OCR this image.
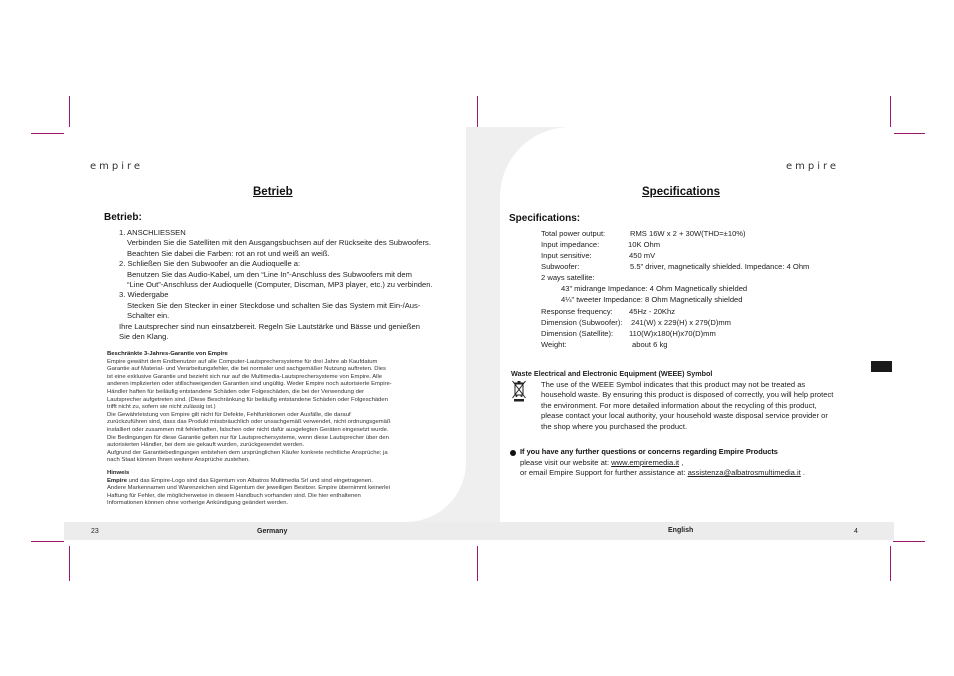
empire
Betrieb
Betrieb:
1. ANSCHLIESSEN
Verbinden Sie die Satelliten mit den Ausgangsbuchsen auf der Rückseite des Subwoofers.
Beachten Sie dabei die Farben: rot an rot und weiß an weiß.
2. Schließen Sie den Subwoofer an die Audioquelle a:
Benutzen Sie das Audio-Kabel, um den “Line In”-Anschluss des Subwoofers mit dem
“Line Out”-Anschluss der Audioquelle (Computer, Discman, MP3 player, etc.) zu verbinden.
3. Wiedergabe
Stecken Sie den Stecker in einer Steckdose und schalten Sie das System mit Ein-/Aus-
Schalter ein.
Ihre Lautsprecher sind nun einsatzbereit. Regeln Sie Lautstärke und Bässe und genießen
Sie den Klang.
Beschränkte 3-Jahres-Garantie von Empire
Empire gewährt dem Endbenutzer auf alle Computer-Lautsprechersysteme für drei Jahre ab Kaufdatum
Garantie auf Material- und Verarbeitungsfehler, die bei normaler und sachgemäßer Nutzung auftreten. Dies
ist eine exklusive Garantie und bezieht sich nur auf die Multimedia-Lautsprechersysteme von Empire. Alle
anderen implizierten oder stillschweigenden Garantien sind ungültig. Weder Empire noch autorisierte Empire-
Händler haften für beiläufig entstandene Schäden oder Folgeschäden, die bei der Verwendung der
Lautsprecher aufgetreten sind. (Diese Beschränkung für beiläufig entstandene Schäden oder Folgeschäden
trifft nicht zu, sofern sie nicht zulässig ist.)
Die Gewährleistung von Empire gilt nicht für Defekte, Fehlfunktionen oder Ausfälle, die darauf
zurückzuführen sind, dass das Produkt missbräuchlich oder unsachgemäß verwendet, nicht ordnungsgemäß
installiert oder zusammen mit fehlerhaften, falschen oder nicht dafür ausgelegten Geräten eingesetzt wurde.
Die Bedingungen für diese Garantie gelten nur für Lautsprechersysteme, wenn diese Lautsprecher über den
autorisierten Händler, bei dem sie gekauft wurden, zurückgesendet werden.
Aufgrund der Garantiebedingungen entstehen dem ursprünglichen Käufer konkrete rechtliche Ansprüche; ja
nach Staat können Ihnen weitere Ansprüche zustehen.
Hinweis
Empire und das Empire-Logo sind das Eigentum von Albatros Multimedia Srl und sind eingetragenen.
Andere Markennamen und Warenzeichen sind Eigentum der jeweiligen Besitzer. Empire übernimmt keinerlei
Haftung für Fehler, die möglicherweise in diesem Handbuch vorhanden sind. Die hier enthaltenen
Informationen können ohne vorherige Ankündigung geändert werden.
23	Germany
empire
Specifications
Specifications:
Total power output:	RMS 16W x 2 + 30W(THD=±10%)
Input impedance:	10K Ohm
Input sensitive:	450 mV
Subwoofer:	5.5” driver, magnetically shielded. Impedance: 4 Ohm
2 ways satellite:
43” midrange Impedance: 4 Ohm Magnetically shielded
4¼” tweeter Impedance: 8 Ohm Magnetically shielded
Response frequency: 45Hz - 20Khz
Dimension (Subwoofer): 241(W) x 229(H) x 279(D)mm
Dimension (Satellite): 110(W)x180(H)x70(D)mm
Weight:	about 6 kg
Waste Electrical and Electronic Equipment (WEEE) Symbol
The use of the WEEE Symbol indicates that this product may not be treated as
household waste. By ensuring this product is disposed of correctly, you will help protect
the environment. For more detailed information about the recycling of this product,
please contact your local authority, your household waste disposal service provider or
the shop where you purchased the product.
If you have any further questions or concerns regarding Empire Products
please visit our website at: www.empiremedia.it ,
or email Empire Support for further assistance at: assistenza@albatrosmultimedia.it .
English	4
